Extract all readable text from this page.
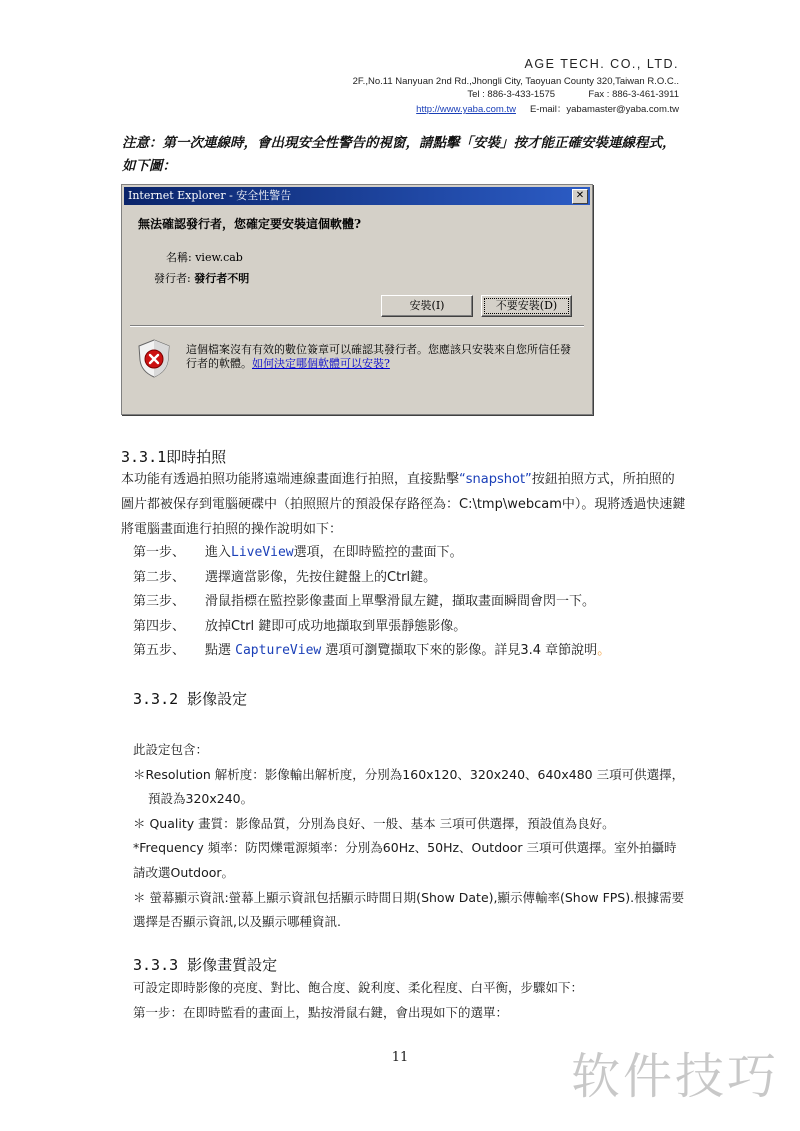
AGE TECH. CO., LTD.
2F.,No.11 Nanyuan 2nd Rd.,Jhongli City, Taoyuan County 320,Taiwan R.O.C..
Tel : 886-3-433-1575	Fax : 886-3-461-3911
http://www.yaba.com.tw E-mail：yabamaster@yaba.com.tw
注意：第一次連線時，會出現安全性警告的視窗，請點擊「安裝」按才能正確安裝連線程式，
如下圖：
Internet Explorer - 安全性警告	✕
無法確認發行者，您確定要安裝這個軟體?
名稱: view.cab
發行者: 發行者不明
安裝(I)	不要安裝(D)
這個檔案沒有有效的數位簽章可以確認其發行者。您應該只安裝來自您所信任發行者的軟體。如何決定哪個軟體可以安裝?
3.3.1即時拍照
本功能有透過拍照功能將遠端連線畫面進行拍照，直接點擊“snapshot”按鈕拍照方式，所拍照的圖片都被保存到電腦硬碟中（拍照照片的預設保存路徑為：C:\tmp\webcam中）。現將透過快速鍵將電腦畫面進行拍照的操作說明如下：
第一步、	進入LiveView選項，在即時監控的畫面下。
第二步、	選擇適當影像，先按住鍵盤上的Ctrl鍵。
第三步、	滑鼠指標在監控影像畫面上單擊滑鼠左鍵，擷取畫面瞬間會閃一下。
第四步、	放掉Ctrl 鍵即可成功地擷取到單張靜態影像。
第五步、	點選 CaptureView 選項可瀏覽擷取下來的影像。詳見3.4 章節說明。
3.3.2 影像設定
此設定包含：
＊Resolution 解析度：影像輸出解析度，分別為160x120、320x240、640x480 三項可供選擇，
預設為320x240。
＊ Quality 畫質：影像品質，分別為良好、一般、基本 三項可供選擇，預設值為良好。
*Frequency 頻率：防閃爍電源頻率：分別為60Hz、50Hz、Outdoor 三項可供選擇。室外拍攝時請改選Outdoor。
＊ 螢幕顯示資訊:螢幕上顯示資訊包括顯示時間日期(Show Date),顯示傳輸率(Show FPS).根據需要選擇是否顯示資訊,以及顯示哪種資訊.
3.3.3 影像畫質設定
可設定即時影像的亮度、對比、飽合度、銳利度、柔化程度、白平衡，步驟如下：
第一步：在即時監看的畫面上，點按滑鼠右鍵，會出現如下的選單：
11	软件技巧
